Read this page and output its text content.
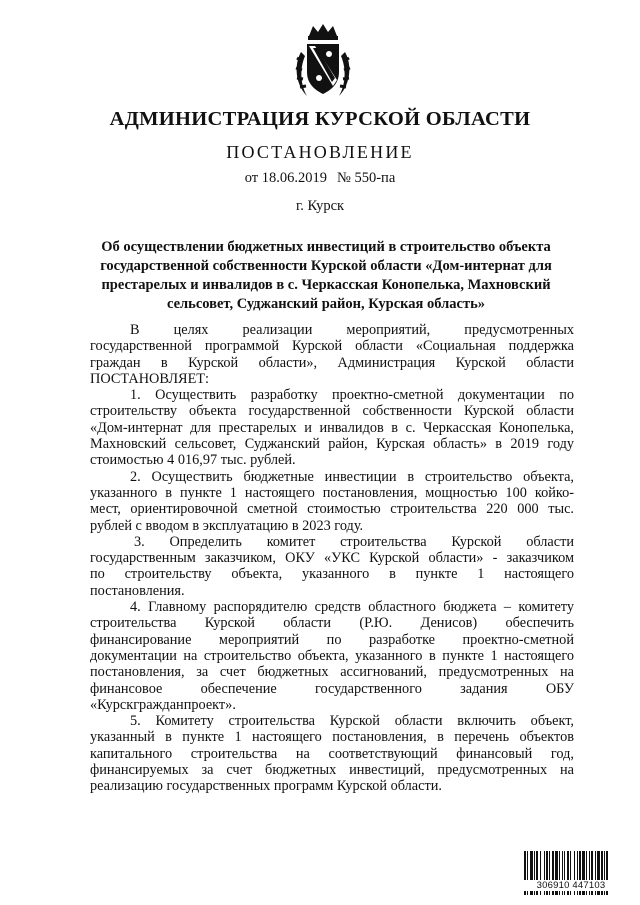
АДМИНИСТРАЦИЯ КУРСКОЙ ОБЛАСТИ
ПОСТАНОВЛЕНИЕ
от 18.06.2019 № 550-па
г. Курск
Об осуществлении бюджетных инвестиций в строительство объекта
государственной собственности Курской области «Дом-интернат для
престарелых и инвалидов в с. Черкасская Конопелька, Махновский
сельсовет, Суджанский район, Курская область»
В целях реализации мероприятий, предусмотренных
государственной программой Курской области «Социальная поддержка
граждан в Курской области», Администрация Курской области
ПОСТАНОВЛЯЕТ:
1. Осуществить разработку проектно-сметной документации по
строительству объекта государственной собственности Курской области
«Дом-интернат для престарелых и инвалидов в с. Черкасская Конопелька,
Махновский сельсовет, Суджанский район, Курская область» в 2019 году
стоимостью 4 016,97 тыс. рублей.
2. Осуществить бюджетные инвестиции в строительство объекта,
указанного в пункте 1 настоящего постановления, мощностью 100 койко-
мест, ориентировочной сметной стоимостью строительства 220 000 тыс.
рублей с вводом в эксплуатацию в 2023 году.
3. Определить комитет строительства Курской области
государственным заказчиком, ОКУ «УКС Курской области» - заказчиком
по строительству объекта, указанного в пункте 1 настоящего
постановления.
4. Главному распорядителю средств областного бюджета – комитету
строительства Курской области (Р.Ю. Денисов) обеспечить
финансирование мероприятий по разработке проектно-сметной
документации на строительство объекта, указанного в пункте 1 настоящего
постановления, за счет бюджетных ассигнований, предусмотренных на
финансовое обеспечение государственного задания ОБУ
«Курскгражданпроект».
5. Комитету строительства Курской области включить объект,
указанный в пункте 1 настоящего постановления, в перечень объектов
капитального строительства на соответствующий финансовый год,
финансируемых за счет бюджетных инвестиций, предусмотренных на
реализацию государственных программ Курской области.
306910 447103
